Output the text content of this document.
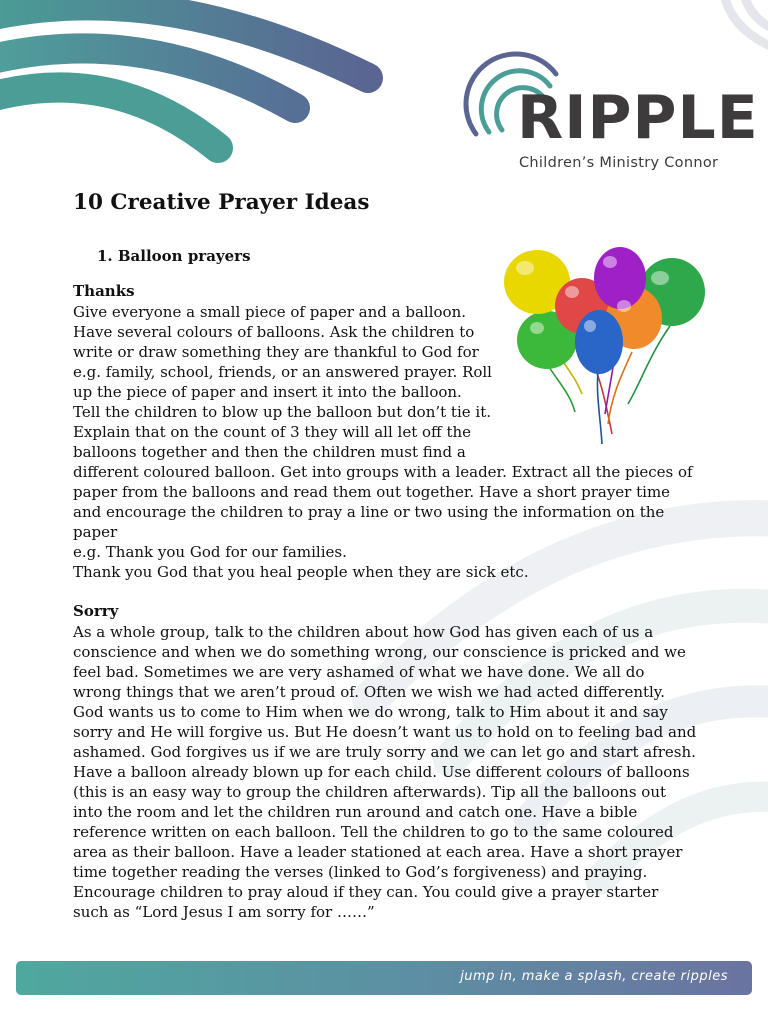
RIPPLE
Children’s Ministry Connor
10 Creative Prayer Ideas
1. Balloon prayers
Thanks
Give everyone a small piece of paper and a balloon.
Have several colours of balloons. Ask the children to
write or draw something they are thankful to God for
e.g. family, school, friends, or an answered prayer. Roll
up the piece of paper and insert it into the balloon.
Tell the children to blow up the balloon but don’t tie it.
Explain that on the count of 3 they will all let off the
balloons together and then the children must find a
different coloured balloon. Get into groups with a leader. Extract all the pieces of
paper from the balloons and read them out together. Have a short prayer time
and encourage the children to pray a line or two using the information on the
paper
e.g. Thank you God for our families.
Thank you God that you heal people when they are sick etc.
Sorry
As a whole group, talk to the children about how God has given each of us a
conscience and when we do something wrong, our conscience is pricked and we
feel bad. Sometimes we are very ashamed of what we have done. We all do
wrong things that we aren’t proud of. Often we wish we had acted differently.
God wants us to come to Him when we do wrong, talk to Him about it and say
sorry and He will forgive us. But He doesn’t want us to hold on to feeling bad and
ashamed. God forgives us if we are truly sorry and we can let go and start afresh.
Have a balloon already blown up for each child. Use different colours of balloons
(this is an easy way to group the children afterwards). Tip all the balloons out
into the room and let the children run around and catch one. Have a bible
reference written on each balloon. Tell the children to go to the same coloured
area as their balloon. Have a leader stationed at each area. Have a short prayer
time together reading the verses (linked to God’s forgiveness) and praying.
Encourage children to pray aloud if they can. You could give a prayer starter
such as “Lord Jesus I am sorry for ……”
jump in, make a splash, create ripples
